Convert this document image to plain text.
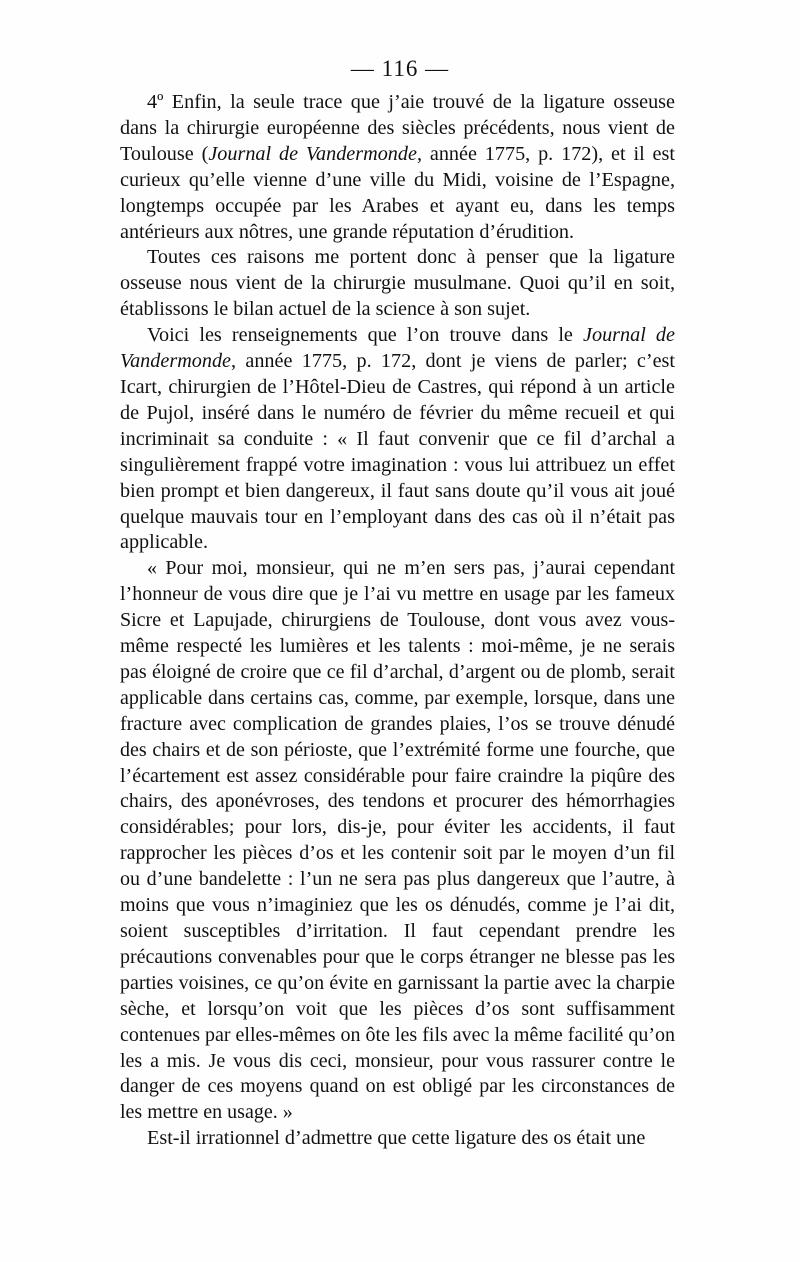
— 116 —

4º Enfin, la seule trace que j’aie trouvé de la ligature osseuse dans la chirurgie européenne des siècles précédents, nous vient de Toulouse (Journal de Vandermonde, année 1775, p. 172), et il est curieux qu’elle vienne d’une ville du Midi, voisine de l’Espagne, longtemps occupée par les Arabes et ayant eu, dans les temps antérieurs aux nôtres, une grande réputation d’érudition.

Toutes ces raisons me portent donc à penser que la ligature osseuse nous vient de la chirurgie musulmane. Quoi qu’il en soit, établissons le bilan actuel de la science à son sujet.

Voici les renseignements que l’on trouve dans le Journal de Vandermonde, année 1775, p. 172, dont je viens de parler; c’est Icart, chirurgien de l’Hôtel-Dieu de Castres, qui répond à un article de Pujol, inséré dans le numéro de février du même recueil et qui incriminait sa conduite : « Il faut convenir que ce fil d’archal a singulièrement frappé votre imagination : vous lui attribuez un effet bien prompt et bien dangereux, il faut sans doute qu’il vous ait joué quelque mauvais tour en l’employant dans des cas où il n’était pas applicable.

« Pour moi, monsieur, qui ne m’en sers pas, j’aurai cependant l’honneur de vous dire que je l’ai vu mettre en usage par les fameux Sicre et Lapujade, chirurgiens de Toulouse, dont vous avez vous-même respecté les lumières et les talents : moi-même, je ne serais pas éloigné de croire que ce fil d’archal, d’argent ou de plomb, serait applicable dans certains cas, comme, par exemple, lorsque, dans une fracture avec complication de grandes plaies, l’os se trouve dénudé des chairs et de son périoste, que l’extrémité forme une fourche, que l’écartement est assez considérable pour faire craindre la piqûre des chairs, des aponévroses, des tendons et procurer des hémorrhagies considérables; pour lors, dis-je, pour éviter les accidents, il faut rapprocher les pièces d’os et les contenir soit par le moyen d’un fil ou d’une bandelette : l’un ne sera pas plus dangereux que l’autre, à moins que vous n’imaginiez que les os dénudés, comme je l’ai dit, soient susceptibles d’irritation. Il faut cependant prendre les précautions convenables pour que le corps étranger ne blesse pas les parties voisines, ce qu’on évite en garnissant la partie avec la charpie sèche, et lorsqu’on voit que les pièces d’os sont suffisamment contenues par elles-mêmes on ôte les fils avec la même facilité qu’on les a mis. Je vous dis ceci, monsieur, pour vous rassurer contre le danger de ces moyens quand on est obligé par les circonstances de les mettre en usage. »

Est-il irrationnel d’admettre que cette ligature des os était une
